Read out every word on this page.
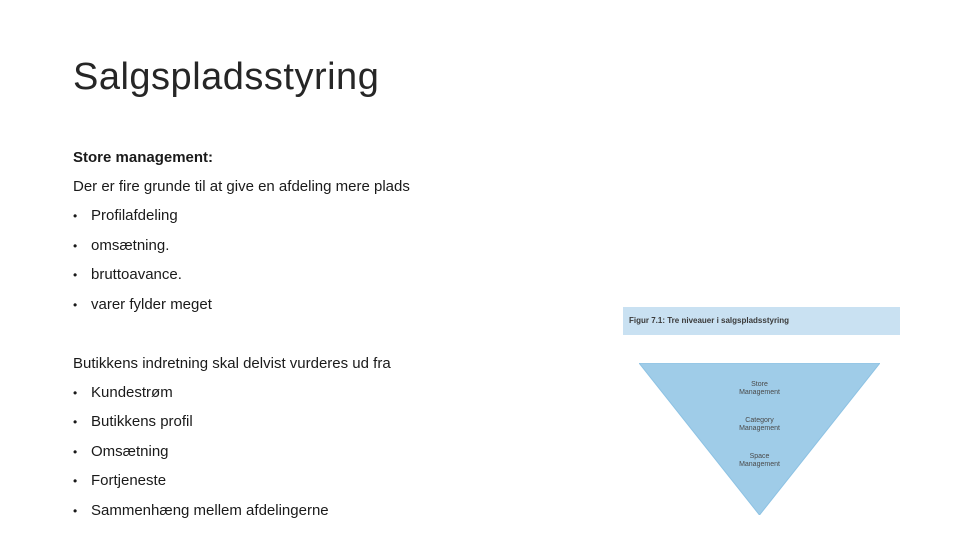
Salgspladsstyring
Store management:
Der er fire grunde til at give en afdeling mere plads
• Profilafdeling
• omsætning.
• bruttoavance.
• varer fylder meget
Butikkens indretning skal delvist vurderes ud fra
• Kundestrøm
• Butikkens profil
• Omsætning
• Fortjeneste
• Sammenhæng mellem afdelingerne
Figur 7.1: Tre niveauer i salgspladsstyring
Store
Management
Category
Management
Space
Management
